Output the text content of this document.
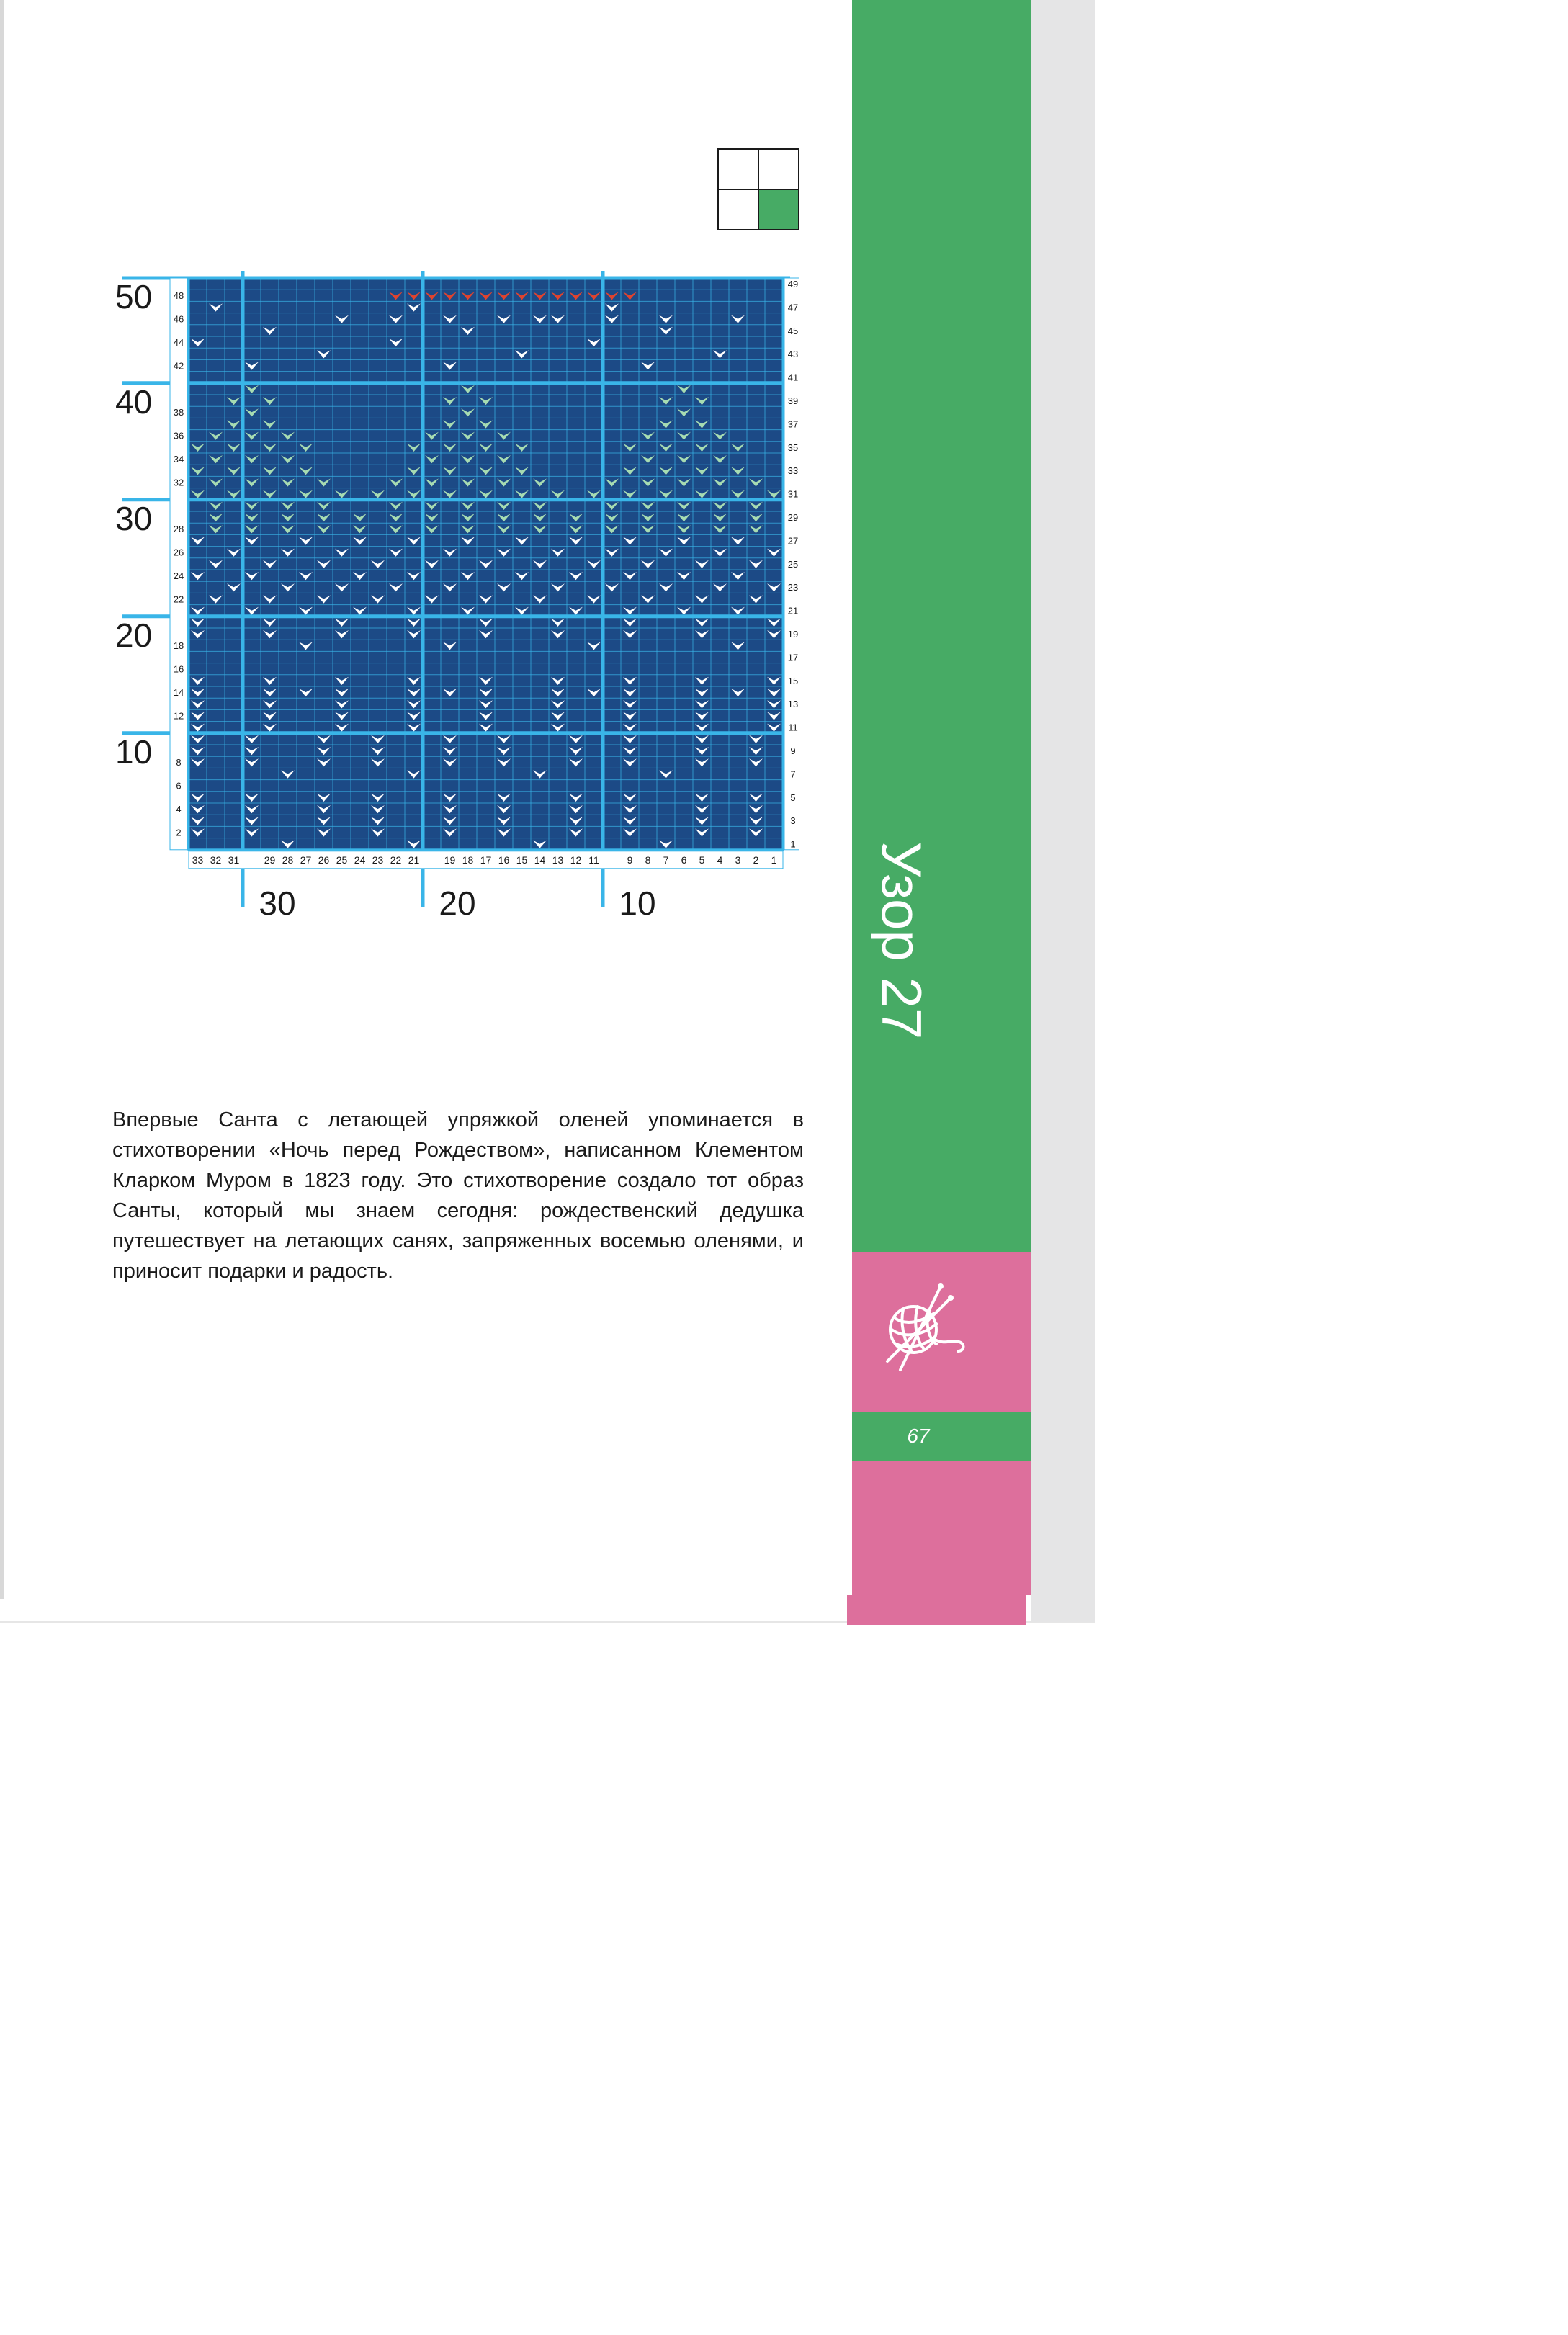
Узор 27
67
50
40
30
20
10
30	20	10
48
46
44
42
38
36
34
32
28
26
24
22
18
16
14
12
8
6
4
2
49
47
45
43
41
39
37
35
33
31
29
27
25
23
21
19
17
15
13
11
9
7
5
3
1
33 32 31 29 28 27 26 25 24 23 22 21 19 18 17 16 15 14 13 12 11	9 8 7 6 5 4 3 2 1

Впервые Санта с летающей упряжкой оленей упоминается в стихотворении «Ночь перед Рождеством», написанном Клементом Кларком Муром в 1823 году. Это стихотворение создало тот образ Санты, который мы знаем сегодня: рождественский дедушка путешествует на летающих санях, запряженных восемью оленями, и приносит подарки и радость.
